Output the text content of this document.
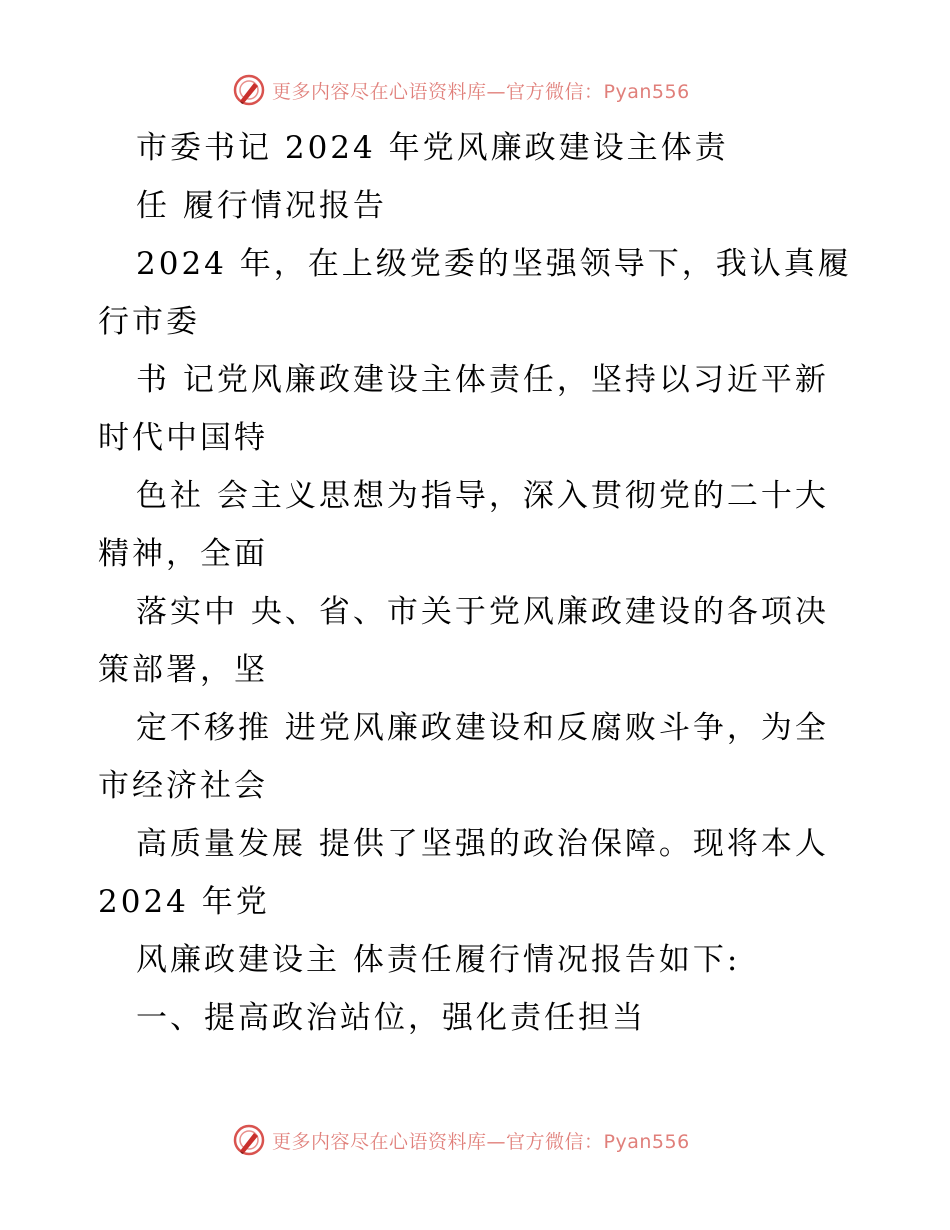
更多内容尽在心语资料库—官方微信：Pyan556
市委书记 2024 年党风廉政建设主体责
任 履行情况报告
2024 年，在上级党委的坚强领导下，我认真履
行市委
书 记党风廉政建设主体责任，坚持以习近平新
时代中国特
色社 会主义思想为指导，深入贯彻党的二十大
精神，全面
落实中 央、省、市关于党风廉政建设的各项决
策部署，坚
定不移推 进党风廉政建设和反腐败斗争，为全
市经济社会
高质量发展 提供了坚强的政治保障。现将本人
2024 年党
风廉政建设主 体责任履行情况报告如下:
一、提高政治站位，强化责任担当
更多内容尽在心语资料库—官方微信：Pyan556
